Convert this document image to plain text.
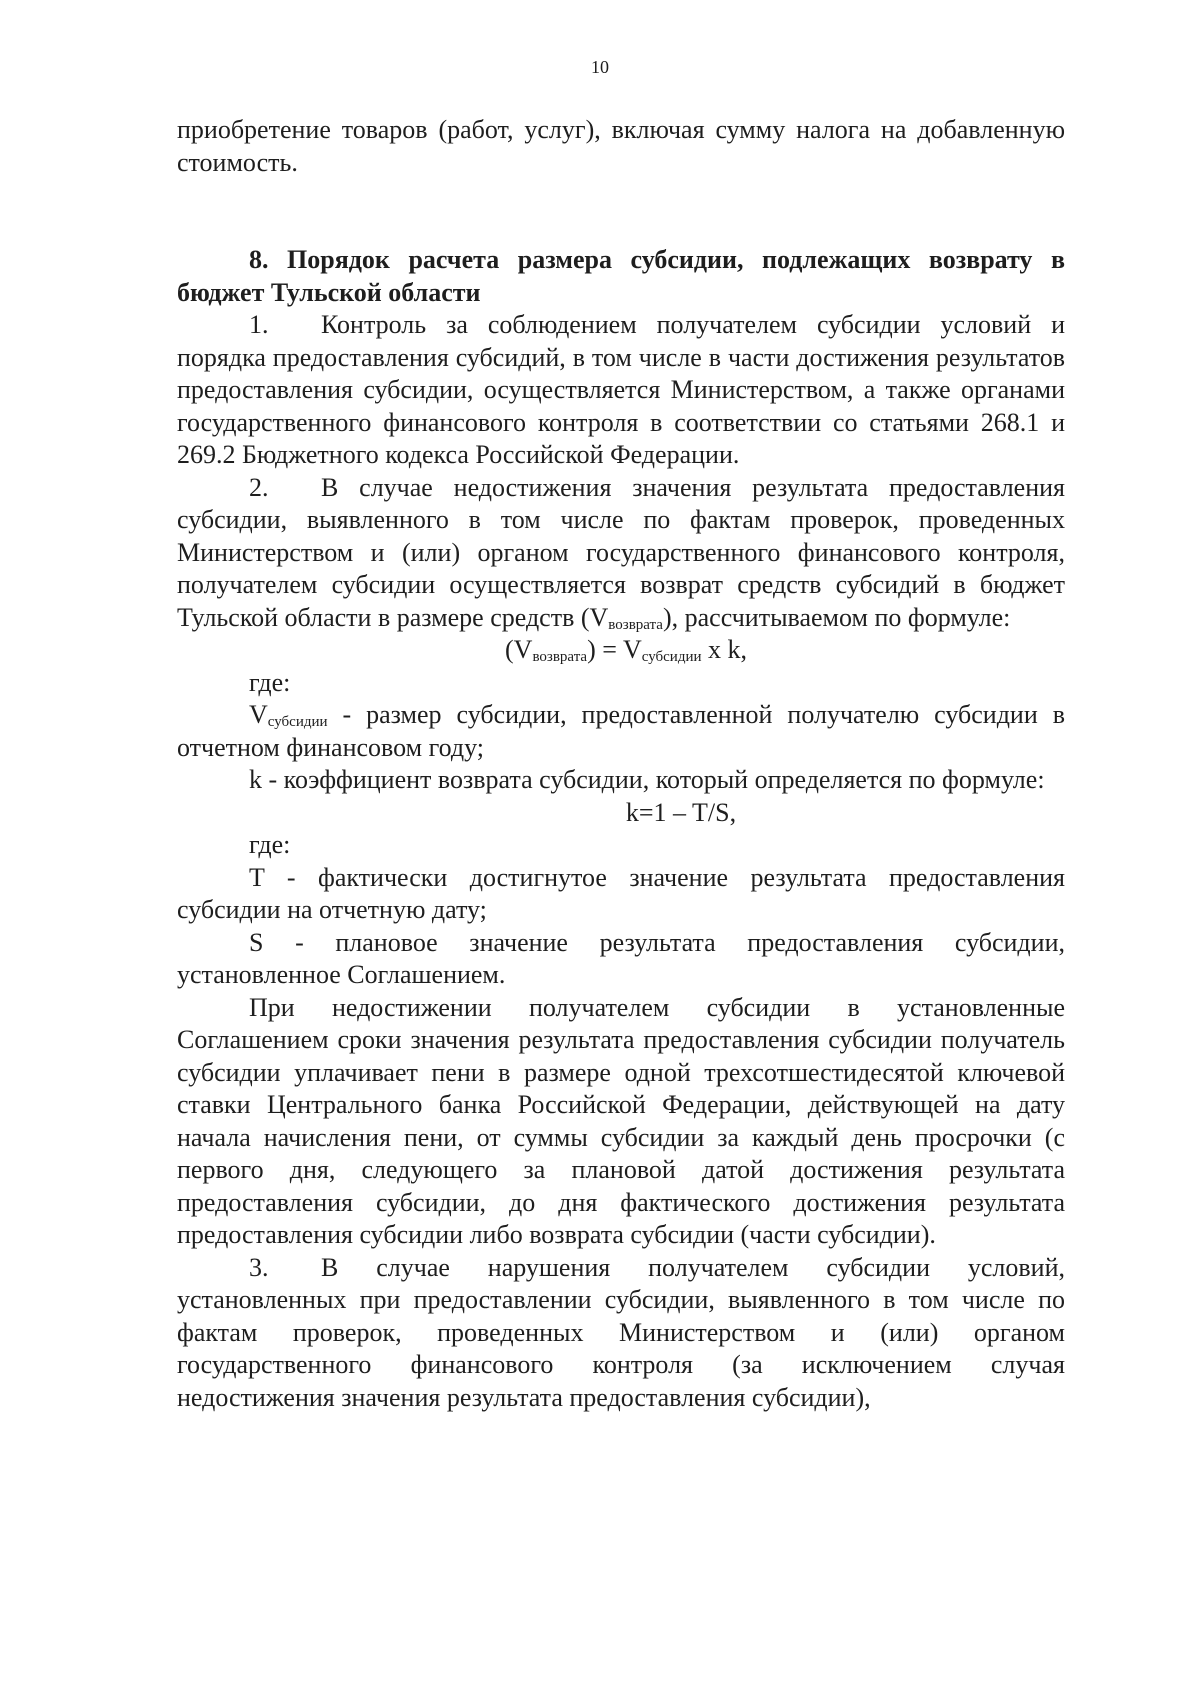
10

приобретение товаров (работ, услуг), включая сумму налога на добавленную стоимость.

8. Порядок расчета размера субсидии, подлежащих возврату в бюджет Тульской области

1. Контроль за соблюдением получателем субсидии условий и порядка предоставления субсидий, в том числе в части достижения результатов предоставления субсидии, осуществляется Министерством, а также органами государственного финансового контроля в соответствии со статьями 268.1 и 269.2 Бюджетного кодекса Российской Федерации.

2. В случае недостижения значения результата предоставления субсидии, выявленного в том числе по фактам проверок, проведенных Министерством и (или) органом государственного финансового контроля, получателем субсидии осуществляется возврат средств субсидий в бюджет Тульской области в размере средств $(V_{возврата})$, рассчитываемом по формуле:

$(V_{возврата}) = V_{субсидии}$ x k,

где:

$V_{субсидии}$ - размер субсидии, предоставленной получателю субсидии в отчетном финансовом году;

k - коэффициент возврата субсидии, который определяется по формуле:

k=1 – T/S,

где:

T - фактически достигнутое значение результата предоставления субсидии на отчетную дату;

S - плановое значение результата предоставления субсидии, установленное Соглашением.

При недостижении получателем субсидии в установленные Соглашением сроки значения результата предоставления субсидии получатель субсидии уплачивает пени в размере одной трехсотшестидесятой ключевой ставки Центрального банка Российской Федерации, действующей на дату начала начисления пени, от суммы субсидии за каждый день просрочки (с первого дня, следующего за плановой датой достижения результата предоставления субсидии, до дня фактического достижения результата предоставления субсидии либо возврата субсидии (части субсидии).

3. В случае нарушения получателем субсидии условий, установленных при предоставлении субсидии, выявленного в том числе по фактам проверок, проведенных Министерством и (или) органом государственного финансового контроля (за исключением случая недостижения значения результата предоставления субсидии),
